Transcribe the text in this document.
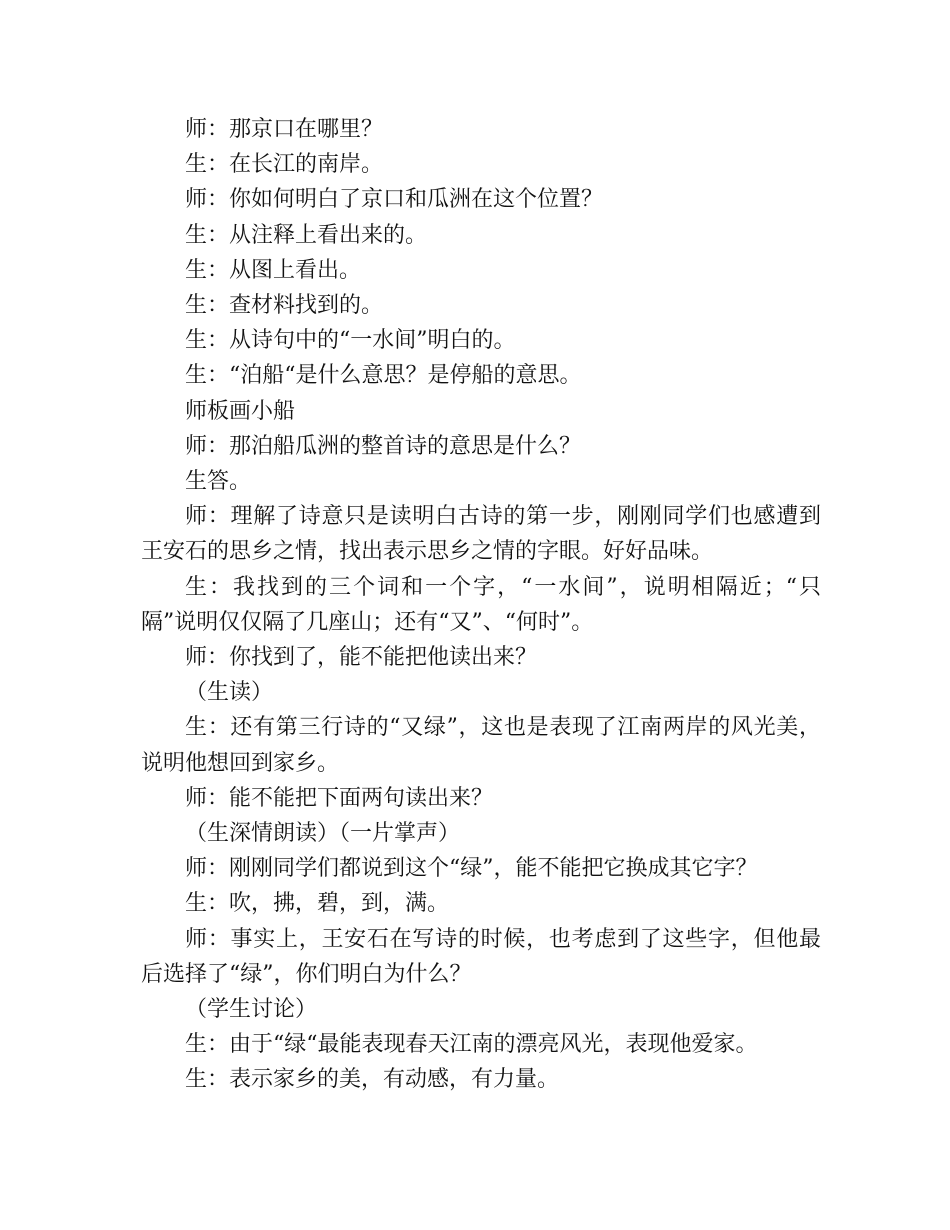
师：那京口在哪里？

生：在长江的南岸。

师：你如何明白了京口和瓜洲在这个位置？

生：从注释上看出来的。

生：从图上看出。

生：查材料找到的。

生：从诗句中的“一水间”明白的。

生：“泊船“是什么意思？是停船的意思。

师板画小船

师：那泊船瓜洲的整首诗的意思是什么？

生答。

师：理解了诗意只是读明白古诗的第一步，刚刚同学们也感遭到王安石的思乡之情，找出表示思乡之情的字眼。好好品味。

生：我找到的三个词和一个字，“一水间”，说明相隔近；“只隔”说明仅仅隔了几座山；还有“又”、“何时”。

师：你找到了，能不能把他读出来？

（生读）

生：还有第三行诗的“又绿”，这也是表现了江南两岸的风光美，说明他想回到家乡。

师：能不能把下面两句读出来？

（生深情朗读）（一片掌声）

师：刚刚同学们都说到这个“绿”，能不能把它换成其它字？

生：吹，拂，碧，到，满。

师：事实上，王安石在写诗的时候，也考虑到了这些字，但他最后选择了“绿”，你们明白为什么？

（学生讨论）

生：由于“绿“最能表现春天江南的漂亮风光，表现他爱家。

生：表示家乡的美，有动感，有力量。
